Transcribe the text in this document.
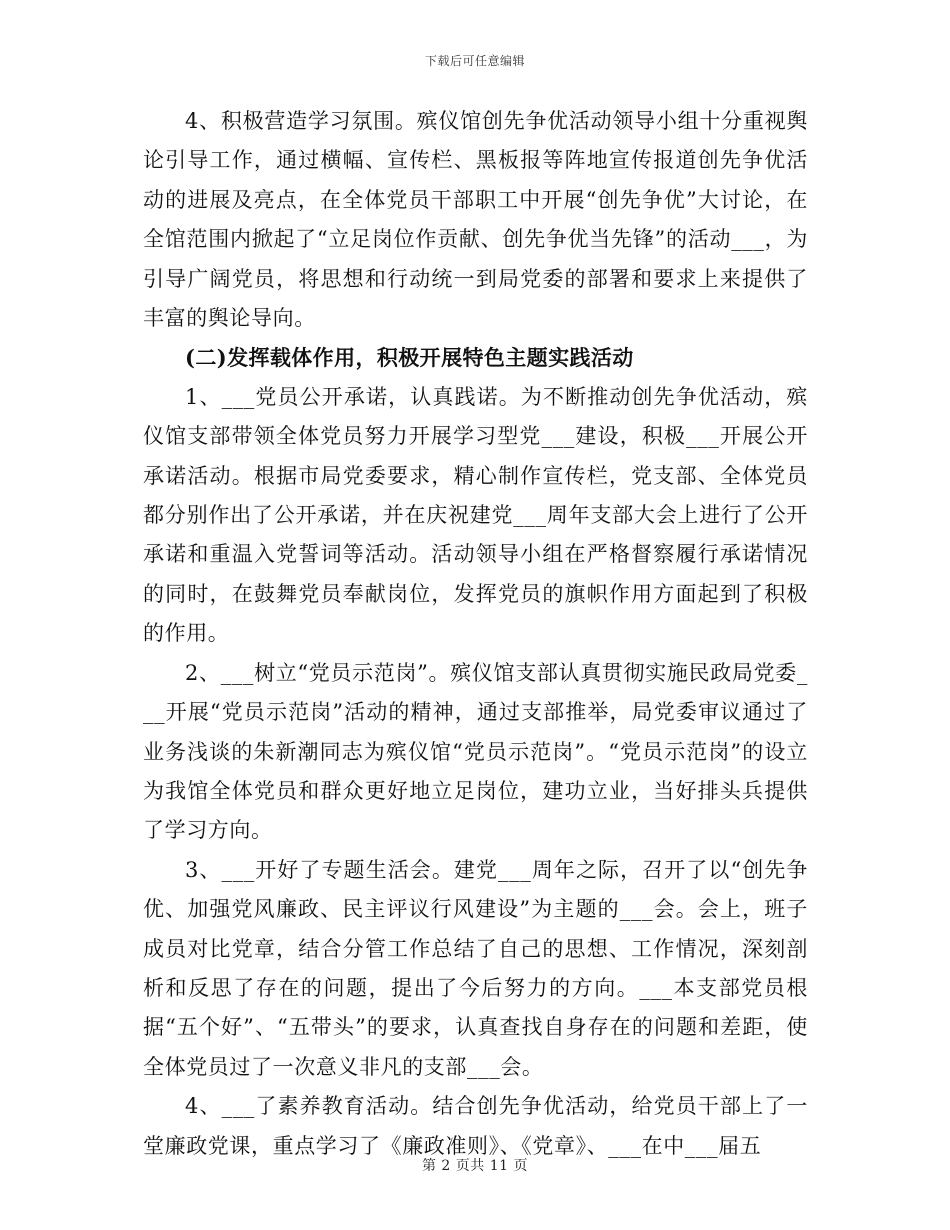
下载后可任意编辑

4、积极营造学习氛围。殡仪馆创先争优活动领导小组十分重视舆论引导工作，通过横幅、宣传栏、黑板报等阵地宣传报道创先争优活动的进展及亮点，在全体党员干部职工中开展“创先争优”大讨论，在全馆范围内掀起了“立足岗位作贡献、创先争优当先锋”的活动___，为引导广阔党员，将思想和行动统一到局党委的部署和要求上来提供了丰富的舆论导向。

(二)发挥载体作用，积极开展特色主题实践活动

1、___党员公开承诺，认真践诺。为不断推动创先争优活动，殡仪馆支部带领全体党员努力开展学习型党___建设，积极___开展公开承诺活动。根据市局党委要求，精心制作宣传栏，党支部、全体党员都分别作出了公开承诺，并在庆祝建党___周年支部大会上进行了公开承诺和重温入党誓词等活动。活动领导小组在严格督察履行承诺情况的同时，在鼓舞党员奉献岗位，发挥党员的旗帜作用方面起到了积极的作用。

2、___树立“党员示范岗”。殡仪馆支部认真贯彻实施民政局党委___开展“党员示范岗”活动的精神，通过支部推举，局党委审议通过了业务浅谈的朱新潮同志为殡仪馆“党员示范岗”。“党员示范岗”的设立为我馆全体党员和群众更好地立足岗位，建功立业，当好排头兵提供了学习方向。

3、___开好了专题生活会。建党___周年之际，召开了以“创先争优、加强党风廉政、民主评议行风建设”为主题的___会。会上，班子成员对比党章，结合分管工作总结了自己的思想、工作情况，深刻剖析和反思了存在的问题，提出了今后努力的方向。___本支部党员根据“五个好”、“五带头”的要求，认真查找自身存在的问题和差距，使全体党员过了一次意义非凡的支部___会。

4、___了素养教育活动。结合创先争优活动，给党员干部上了一堂廉政党课，重点学习了《廉政准则》、《党章》、___在中___届五

第 2 页共 11 页
